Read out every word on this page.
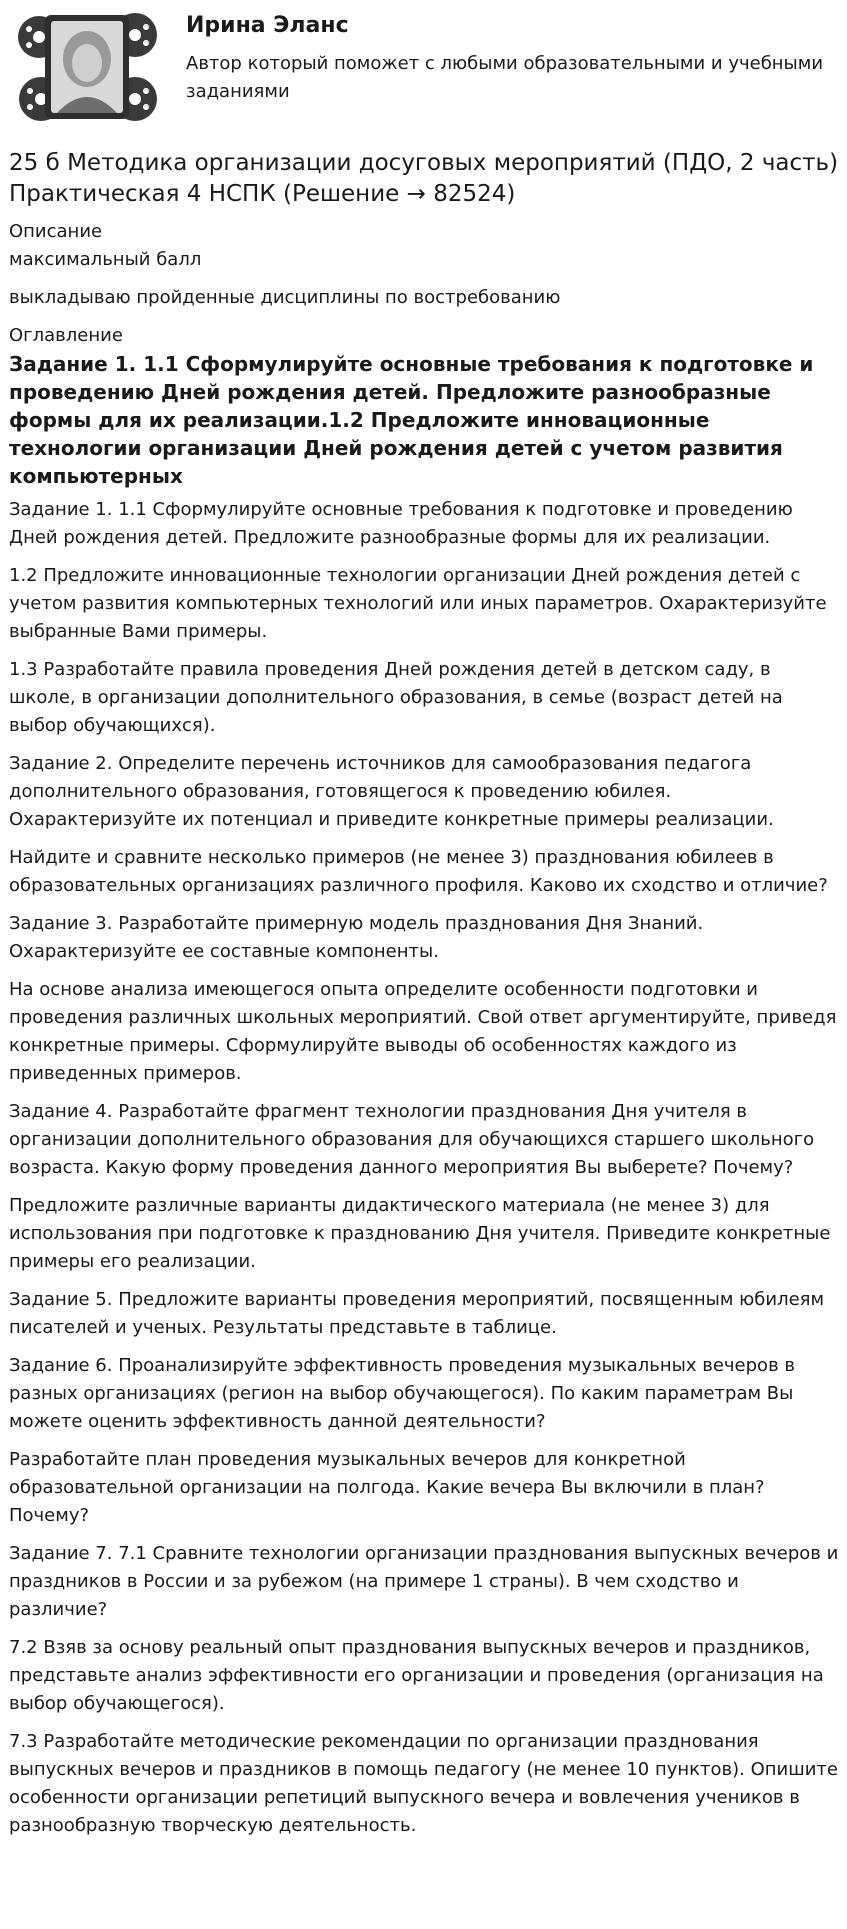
Ирина Эланс

Автор который поможет с любыми образовательными и учебными заданиями

25 б Методика организации досуговых мероприятий (ПДО, 2 часть) Практическая 4 НСПК (Решение → 82524)

Описание

максимальный балл

выкладываю пройденные дисциплины по востребованию

Оглавление

Задание 1. 1.1 Сформулируйте основные требования к подготовке и проведению Дней рождения детей. Предложите разнообразные формы для их реализации.1.2 Предложите инновационные технологии организации Дней рождения детей с учетом развития компьютерных

Задание 1. 1.1 Сформулируйте основные требования к подготовке и проведению Дней рождения детей. Предложите разнообразные формы для их реализации.

1.2 Предложите инновационные технологии организации Дней рождения детей с учетом развития компьютерных технологий или иных параметров. Охарактеризуйте выбранные Вами примеры.

1.3 Разработайте правила проведения Дней рождения детей в детском саду, в школе, в организации дополнительного образования, в семье (возраст детей на выбор обучающихся).

Задание 2. Определите перечень источников для самообразования педагога дополнительного образования, готовящегося к проведению юбилея. Охарактеризуйте их потенциал и приведите конкретные примеры реализации.

Найдите и сравните несколько примеров (не менее 3) празднования юбилеев в образовательных организациях различного профиля. Каково их сходство и отличие?

Задание 3. Разработайте примерную модель празднования Дня Знаний. Охарактеризуйте ее составные компоненты.

На основе анализа имеющегося опыта определите особенности подготовки и проведения различных школьных мероприятий. Свой ответ аргументируйте, приведя конкретные примеры. Сформулируйте выводы об особенностях каждого из приведенных примеров.

Задание 4. Разработайте фрагмент технологии празднования Дня учителя в организации дополнительного образования для обучающихся старшего школьного возраста. Какую форму проведения данного мероприятия Вы выберете? Почему?

Предложите различные варианты дидактического материала (не менее 3) для использования при подготовке к празднованию Дня учителя. Приведите конкретные примеры его реализации.

Задание 5. Предложите варианты проведения мероприятий, посвященным юбилеям писателей и ученых. Результаты представьте в таблице.

Задание 6. Проанализируйте эффективность проведения музыкальных вечеров в разных организациях (регион на выбор обучающегося). По каким параметрам Вы можете оценить эффективность данной деятельности?

Разработайте план проведения музыкальных вечеров для конкретной образовательной организации на полгода. Какие вечера Вы включили в план? Почему?

Задание 7. 7.1 Сравните технологии организации празднования выпускных вечеров и праздников в России и за рубежом (на примере 1 страны). В чем сходство и различие?

7.2 Взяв за основу реальный опыт празднования выпускных вечеров и праздников, представьте анализ эффективности его организации и проведения (организация на выбор обучающегося).

7.3 Разработайте методические рекомендации по организации празднования выпускных вечеров и праздников в помощь педагогу (не менее 10 пунктов). Опишите особенности организации репетиций выпускного вечера и вовлечения учеников в разнообразную творческую деятельность.
